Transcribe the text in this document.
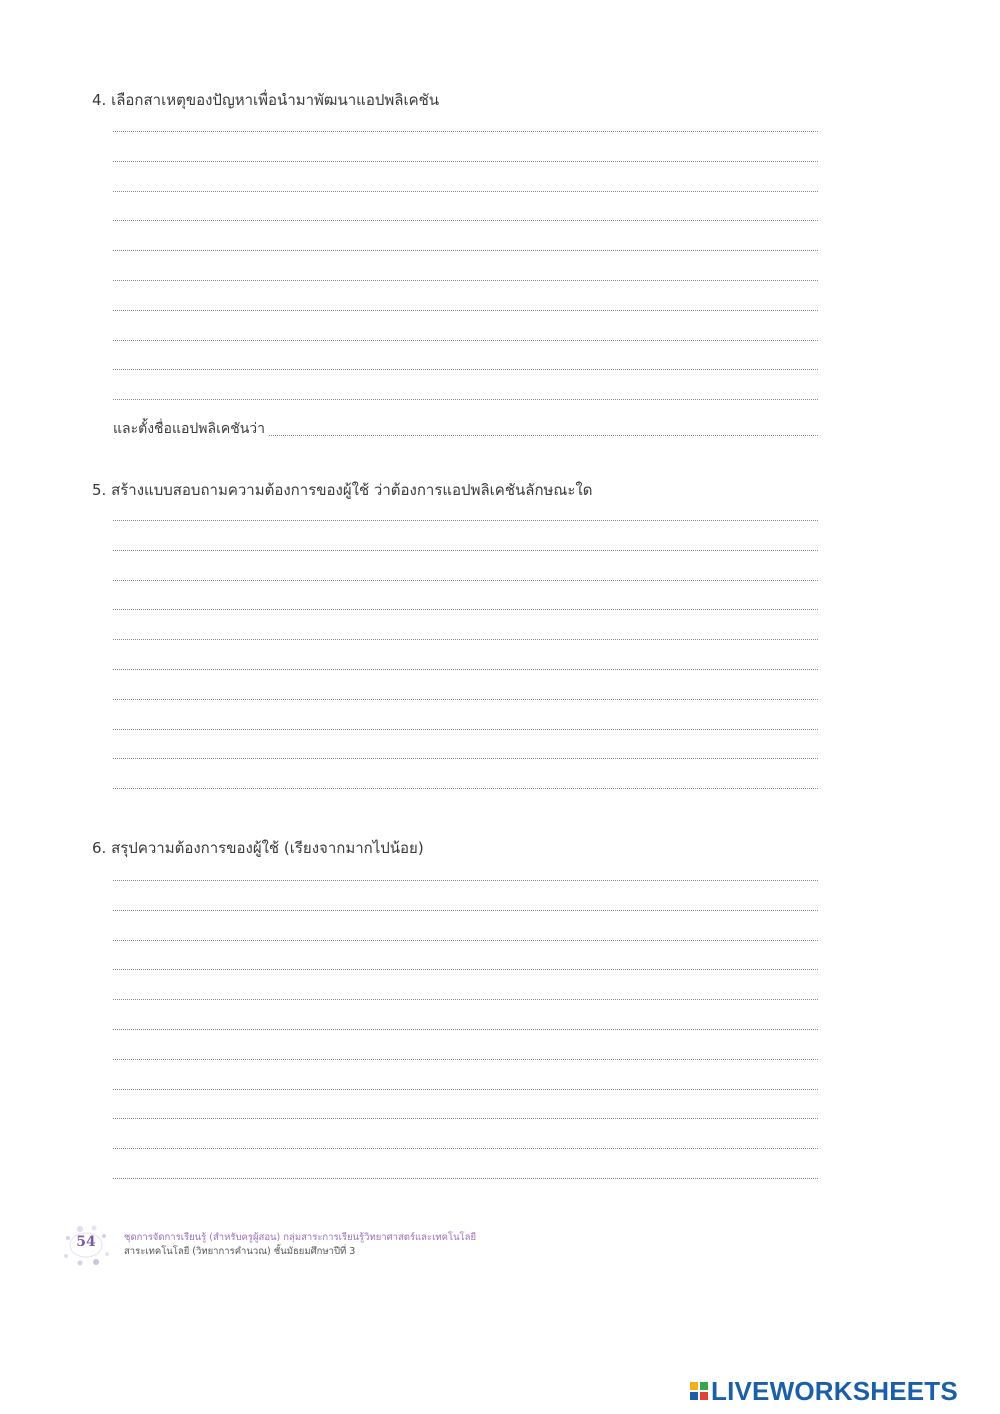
4. เลือกสาเหตุของปัญหาเพื่อนำมาพัฒนาแอปพลิเคชัน
และตั้งชื่อแอปพลิเคชันว่า
5. สร้างแบบสอบถามความต้องการของผู้ใช้ ว่าต้องการแอปพลิเคชันลักษณะใด
6. สรุปความต้องการของผู้ใช้ (เรียงจากมากไปน้อย)
54	ชุดการจัดการเรียนรู้ (สำหรับครูผู้สอน) กลุ่มสาระการเรียนรู้วิทยาศาสตร์และเทคโนโลยี
สาระเทคโนโลยี (วิทยาการคำนวณ) ชั้นมัธยมศึกษาปีที่ 3
LIVEWORKSHEETS
